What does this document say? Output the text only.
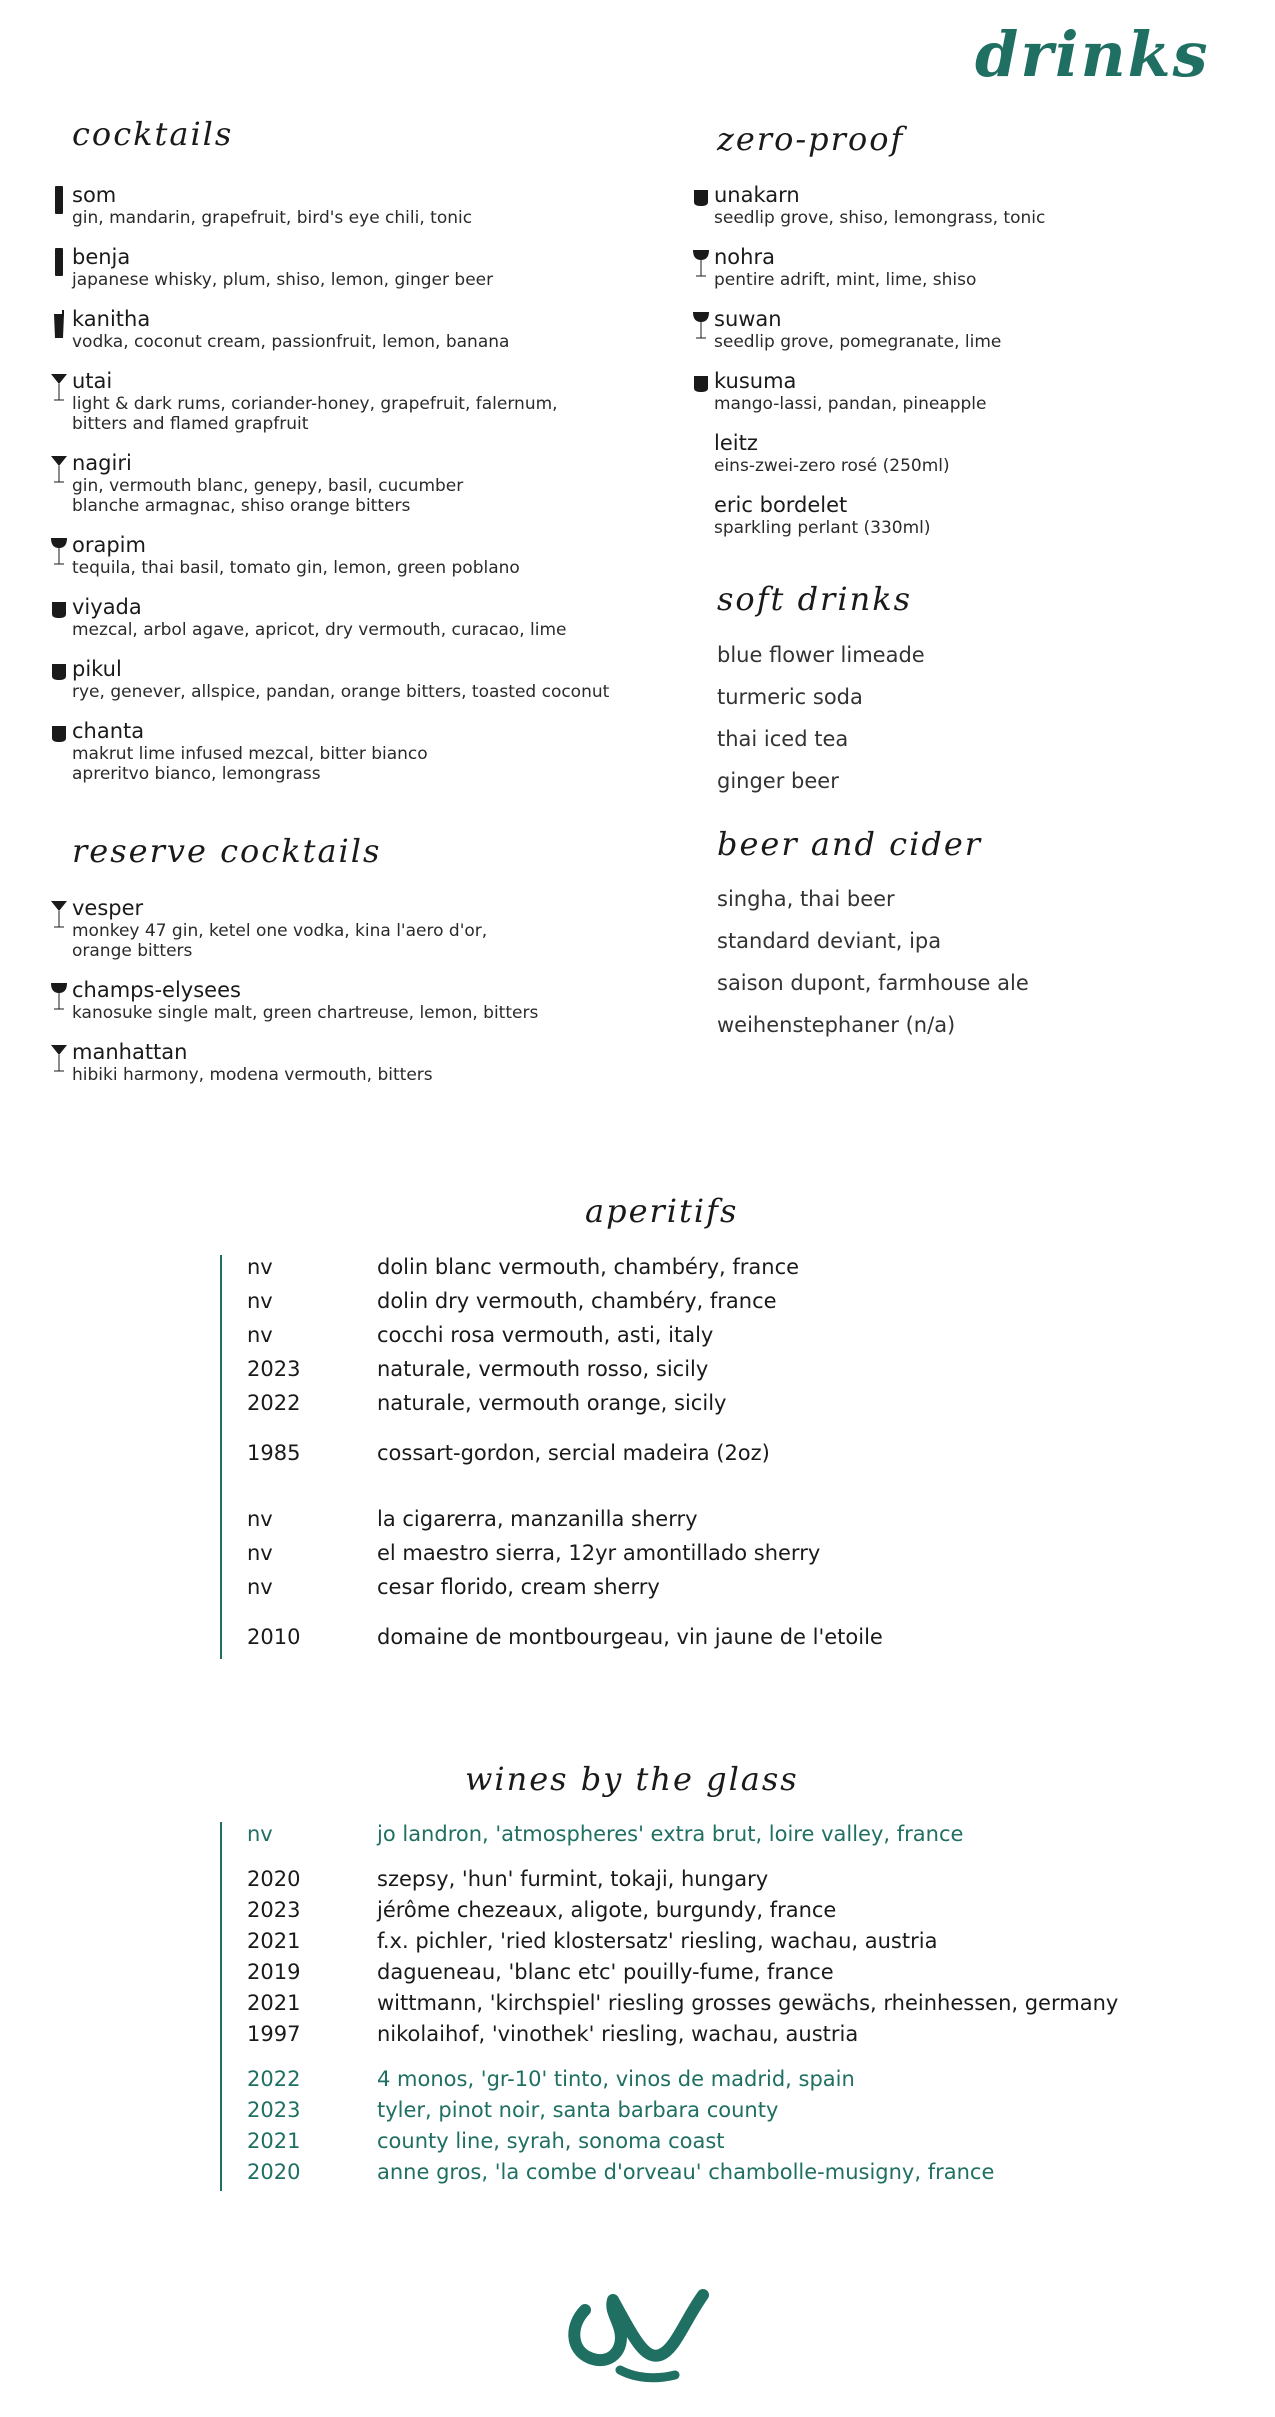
drinks
cocktails
som
gin, mandarin, grapefruit, bird's eye chili, tonic
benja
japanese whisky, plum, shiso, lemon, ginger beer
kanitha
vodka, coconut cream, passionfruit, lemon, banana
utai
light & dark rums, coriander-honey, grapefruit, falernum,
bitters and flamed grapfruit
nagiri
gin, vermouth blanc, genepy, basil, cucumber
blanche armagnac, shiso orange bitters
orapim
tequila, thai basil, tomato gin, lemon, green poblano
viyada
mezcal, arbol agave, apricot, dry vermouth, curacao, lime
pikul
rye, genever, allspice, pandan, orange bitters, toasted coconut
chanta
makrut lime infused mezcal, bitter bianco
apreritvo bianco, lemongrass
reserve cocktails
vesper
monkey 47 gin, ketel one vodka, kina l'aero d'or,
orange bitters
champs-elysees
kanosuke single malt, green chartreuse, lemon, bitters
manhattan
hibiki harmony, modena vermouth, bitters
zero-proof
unakarn
seedlip grove, shiso, lemongrass, tonic
nohra
pentire adrift, mint, lime, shiso
suwan
seedlip grove, pomegranate, lime
kusuma
mango-lassi, pandan, pineapple
leitz
eins-zwei-zero rosé (250ml)
eric bordelet
sparkling perlant (330ml)
soft drinks
blue flower limeade
turmeric soda
thai iced tea
ginger beer
beer and cider
singha, thai beer
standard deviant, ipa
saison dupont, farmhouse ale
weihenstephaner (n/a)
aperitifs
nv	dolin blanc vermouth, chambéry, france
nv	dolin dry vermouth, chambéry, france
nv	cocchi rosa vermouth, asti, italy
2023	naturale, vermouth rosso, sicily
2022	naturale, vermouth orange, sicily
1985	cossart-gordon, sercial madeira (2oz)
nv	la cigarerra, manzanilla sherry
nv	el maestro sierra, 12yr amontillado sherry
nv	cesar florido, cream sherry
2010	domaine de montbourgeau, vin jaune de l'etoile
wines by the glass
nv	jo landron, 'atmospheres' extra brut, loire valley, france
2020	szepsy, 'hun' furmint, tokaji, hungary
2023	jérôme chezeaux, aligote, burgundy, france
2021	f.x. pichler, 'ried klostersatz' riesling, wachau, austria
2019	dagueneau, 'blanc etc' pouilly-fume, france
2021	wittmann, 'kirchspiel' riesling grosses gewächs, rheinhessen, germany
1997	nikolaihof, 'vinothek' riesling, wachau, austria
2022	4 monos, 'gr-10' tinto, vinos de madrid, spain
2023	tyler, pinot noir, santa barbara county
2021	county line, syrah, sonoma coast
2020	anne gros, 'la combe d'orveau' chambolle-musigny, france
